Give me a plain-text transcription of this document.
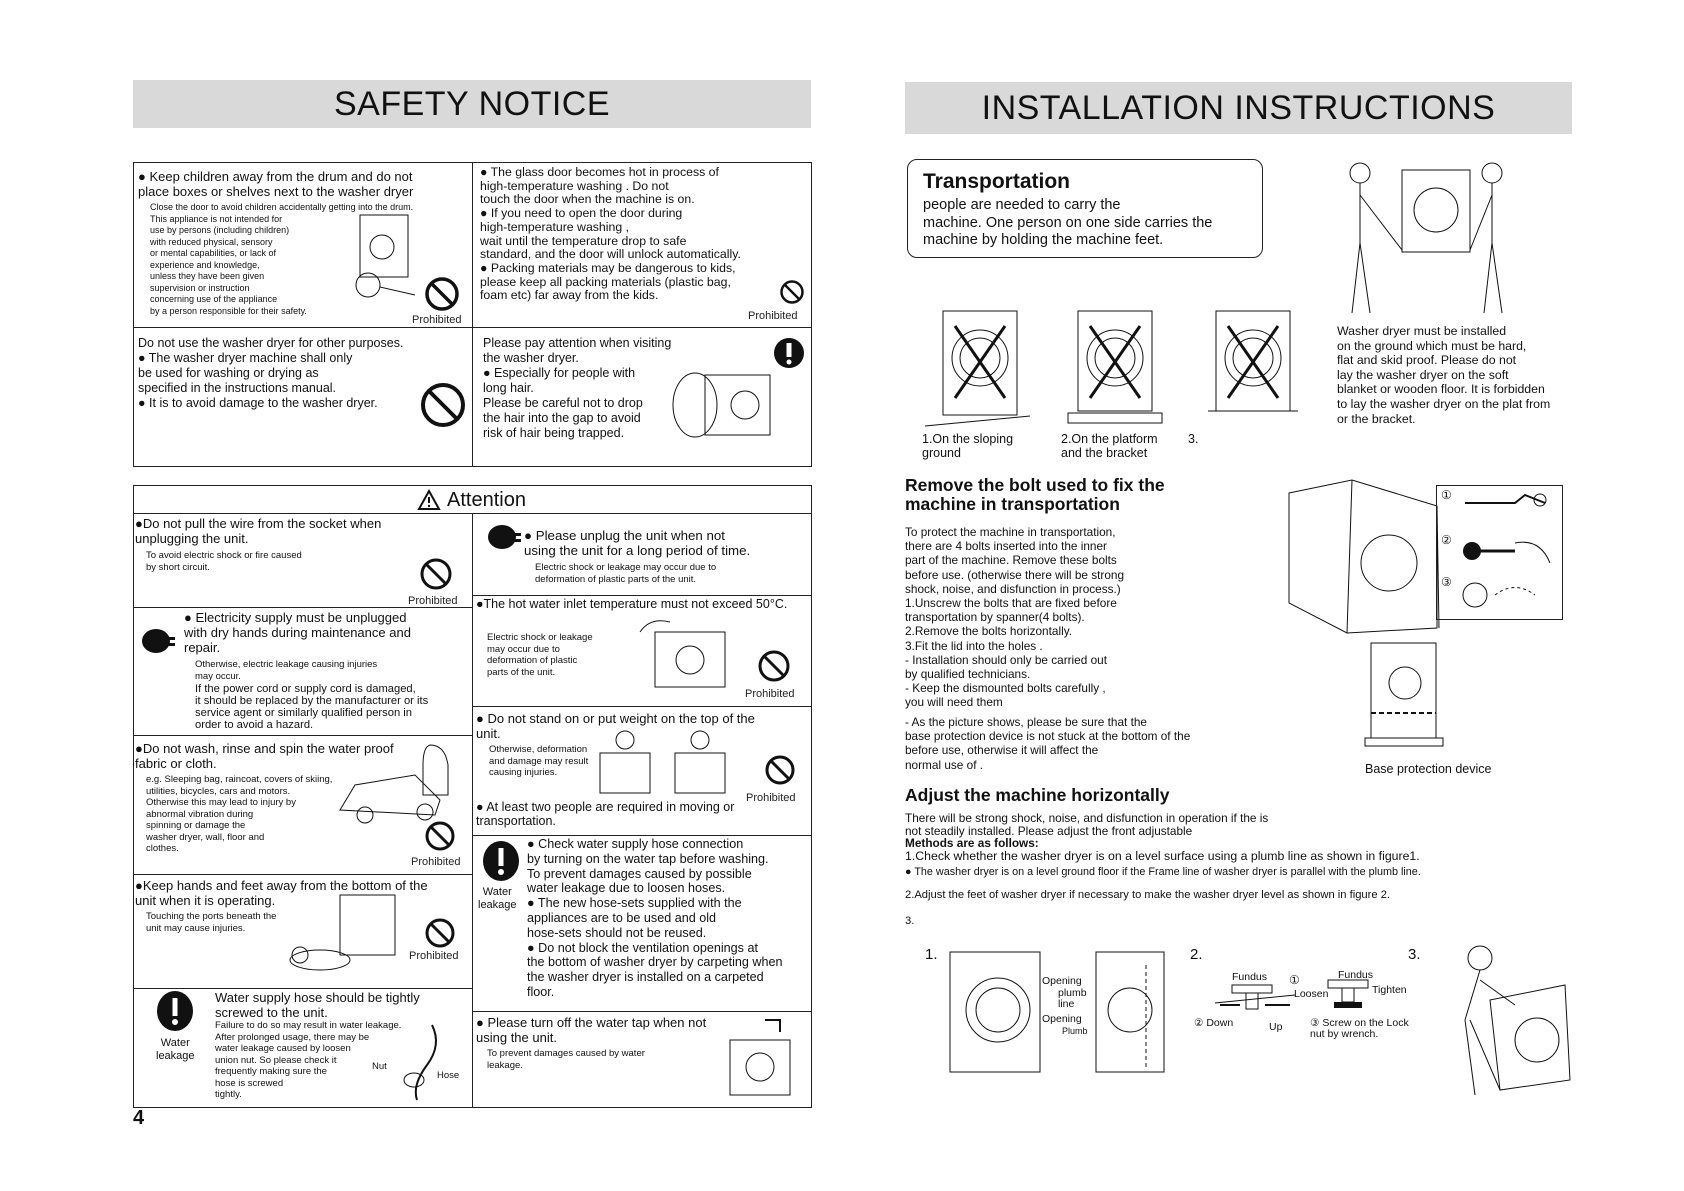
SAFETY NOTICE
● Keep children away from the drum and do not
place boxes or shelves next to the washer dryer
Close the door to avoid children accidentally getting into the drum.
This appliance is not intended for
use by persons (including children)
with reduced physical, sensory
or mental capabilities, or lack of
experience and knowledge,
unless they have been given
supervision or instruction
concerning use of the appliance
by a person responsible for their safety.
Prohibited
● The glass door becomes hot in process of
high-temperature washing . Do not
touch the door when the machine is on.
● If you need to open the door during
high-temperature washing ,
wait until the temperature drop to safe
standard, and the door will unlock automatically.
● Packing materials may be dangerous to kids,
please keep all packing materials (plastic bag,
foam etc) far away from the kids.
Prohibited
Do not use the washer dryer for other purposes.
● The washer dryer machine shall only
be used for washing or drying as
specified in the instructions manual.
● It is to avoid damage to the washer dryer.
Please pay attention when visiting
the washer dryer.
● Especially for people with
long hair.
Please be careful not to drop
the hair into the gap to avoid
risk of hair being trapped.
Attention
●Do not pull the wire from the socket when
unplugging the unit.
To avoid electric shock or fire caused
by short circuit.
Prohibited
● Please unplug the unit when not
using the unit for a long period of time.
Electric shock or leakage may occur due to
deformation of plastic parts of the unit.
● Electricity supply must be unplugged
with dry hands during maintenance and
repair.
Otherwise, electric leakage causing injuries
may occur.
If the power cord or supply cord is damaged,
it should be replaced by the manufacturer or its
service agent or similarly qualified person in
order to avoid a hazard.
●The hot water inlet temperature must not exceed 50°C.
Electric shock or leakage
may occur due to
deformation of plastic
parts of the unit.
Prohibited
●Do not wash, rinse and spin the water proof
fabric or cloth.
e.g. Sleeping bag, raincoat, covers of skiing,
utilities, bicycles, cars and motors.
Otherwise this may lead to injury by
abnormal vibration during
spinning or damage the
washer dryer, wall, floor and
clothes.
Prohibited
● Do not stand on or put weight on the top of the
unit.
Otherwise, deformation
and damage may result
causing injuries.
Prohibited
● At least two people are required in moving or
transportation.
●Keep hands and feet away from the bottom of the
unit when it is operating.
Touching the ports beneath the
unit may cause injuries.
Prohibited
Water
leakage
● Check water supply hose connection
by turning on the water tap before washing.
To prevent damages caused by possible
water leakage due to loosen hoses.
● The new hose-sets supplied with the
appliances are to be used and old
hose-sets should not be reused.
● Do not block the ventilation openings at
the bottom of washer dryer by carpeting when
the washer dryer is installed on a carpeted
floor.
Water
leakage
Water supply hose should be tightly
screwed to the unit.
Failure to do so may result in water leakage.
After prolonged usage, there may be
water leakage caused by loosen
union nut. So please check it
frequently making sure the
hose is screwed
tightly.
Nut
Hose
● Please turn off the water tap when not
using the unit.
To prevent damages caused by water
leakage.
4
INSTALLATION INSTRUCTIONS
Transportation
people are needed to carry the
machine. One person on one side carries the
machine by holding the machine feet.
1.On the sloping
ground
2.On the platform
and the bracket
3.
Washer dryer must be installed
on the ground which must be hard,
flat and skid proof. Please do not
lay the washer dryer on the soft
blanket or wooden floor. It is forbidden
to lay the washer dryer on the plat from
or the bracket.
Remove the bolt used to fix the
machine in transportation
To protect the machine in transportation,
there are 4 bolts inserted into the inner
part of the machine. Remove these bolts
before use. (otherwise there will be strong
shock, noise, and disfunction in process.)
1.Unscrew the bolts that are fixed before
transportation by spanner(4 bolts).
2.Remove the bolts horizontally.
3.Fit the lid into the holes .
- Installation should only be carried out
by qualified technicians.
- Keep the dismounted bolts carefully ,
you will need them
- As the picture shows, please be sure that the
base protection device is not stuck at the bottom of the
before use, otherwise it will affect the
normal use of .
①
②
③
Base protection device
Adjust the machine horizontally
There will be strong shock, noise, and disfunction in operation if the is
not steadily installed. Please adjust the front adjustable
Methods are as follows:
1.Check whether the washer dryer is on a level surface using a plumb line as shown in figure1.
● The washer dryer is on a level ground floor if the Frame line of washer dryer is parallel with the plumb line.
2.Adjust the feet of washer dryer if necessary to make the washer dryer level as shown in figure 2.
3.
1.	2.	3.
Opening
plumb
line
Opening
Plumb
Fundus ①
Loosen
② Down	Up
Fundus
Tighten
③ Screw on the Lock
nut by wrench.
